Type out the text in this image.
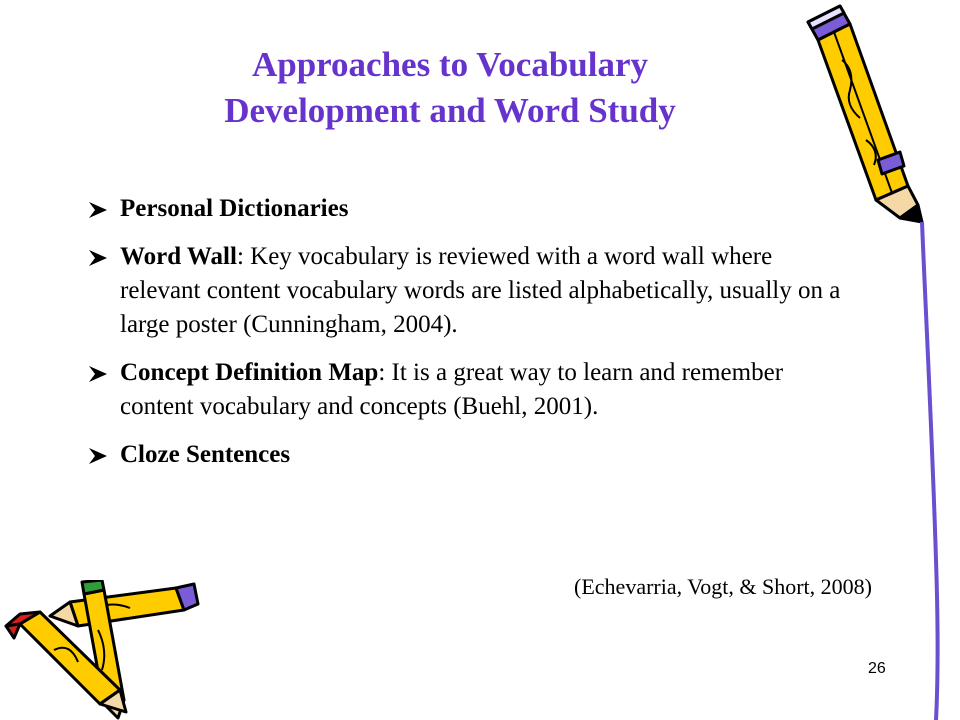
Approaches to Vocabulary
Development and Word Study
Personal Dictionaries
Word Wall: Key vocabulary is reviewed with a word wall where relevant content vocabulary words are listed alphabetically, usually on a large poster (Cunningham, 2004).
Concept Definition Map: It is a great way to learn and remember content vocabulary and concepts (Buehl, 2001).
Cloze Sentences
(Echevarria, Vogt, & Short, 2008)
26
